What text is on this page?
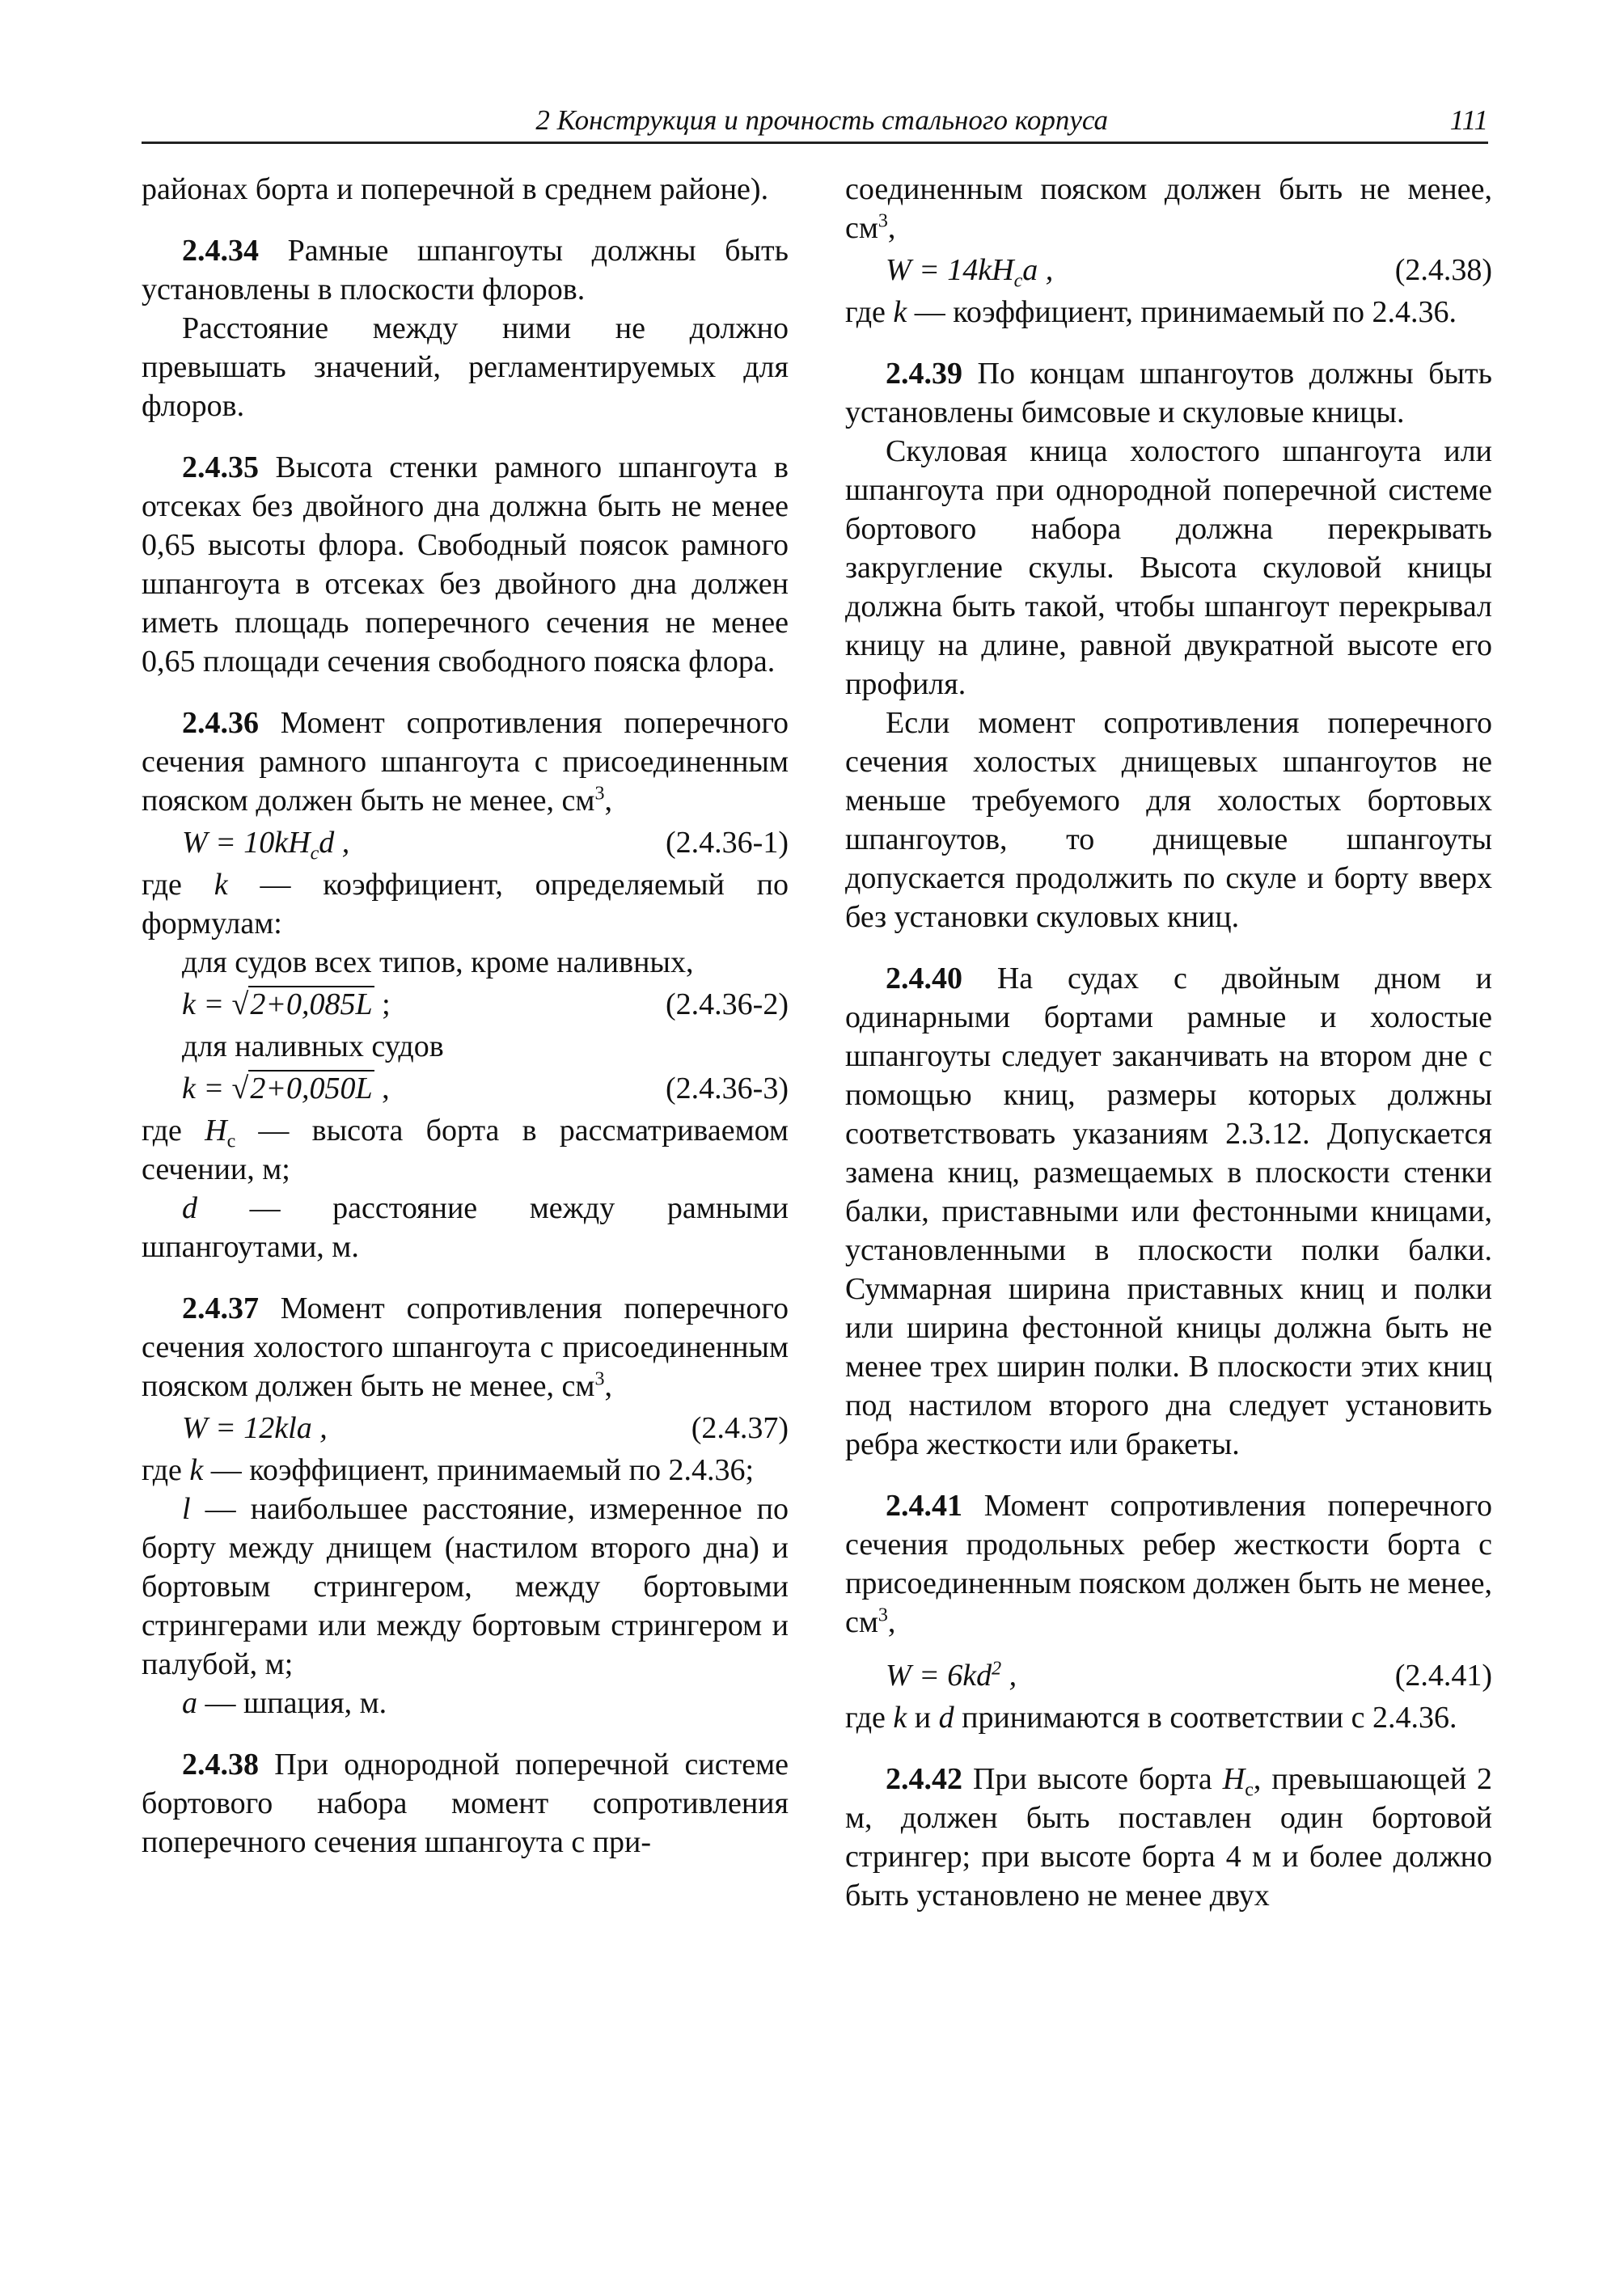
2 Конструкция и прочность стального корпуса	111

районах борта и поперечной в среднем районе).

2.4.34 Рамные шпангоуты должны быть установлены в плоскости флоров.

Расстояние между ними не должно превышать значений, регламентируемых для флоров.

2.4.35 Высота стенки рамного шпангоута в отсеках без двойного дна должна быть не менее 0,65 высоты флора. Свободный поясок рамного шпангоута в отсеках без двойного дна должен иметь площадь поперечного сечения не менее 0,65 площади сечения свободного пояска флора.

2.4.36 Момент сопротивления поперечного сечения рамного шпангоута с присоединенным пояском должен быть не менее, $см^3$,

$W = 10kH_cd$ ,	(2.4.36-1)

где k — коэффициент, определяемый по формулам:

для судов всех типов, кроме наливных,

k = √2+0,085L ;	(2.4.36-2)

для наливных судов

k = √2+0,050L ,	(2.4.36-3)

где $H_с$ — высота борта в рассматриваемом сечении, м;

d — расстояние между рамными шпангоутами, м.

2.4.37 Момент сопротивления поперечного сечения холостого шпангоута с присоединенным пояском должен быть не менее, $см^3$,

W = 12kla ,	(2.4.37)

где k — коэффициент, принимаемый по 2.4.36;

l — наибольшее расстояние, измеренное по борту между днищем (настилом второго дна) и бортовым стрингером, между бортовыми стрингерами или между бортовым стрингером и палубой, м;

a — шпация, м.

2.4.38 При однородной поперечной системе бортового набора момент сопротивления поперечного сечения шпангоута с при-

соединенным пояском должен быть не менее, $см^3$,

$W = 14kH_ca$ ,	(2.4.38)

где k — коэффициент, принимаемый по 2.4.36.

2.4.39 По концам шпангоутов должны быть установлены бимсовые и скуловые кницы.

Скуловая кница холостого шпангоута или шпангоута при однородной поперечной системе бортового набора должна перекрывать закругление скулы. Высота скуловой кницы должна быть такой, чтобы шпангоут перекрывал кницу на длине, равной двукратной высоте его профиля.

Если момент сопротивления поперечного сечения холостых днищевых шпангоутов не меньше требуемого для холостых бортовых шпангоутов, то днищевые шпангоуты допускается продолжить по скуле и борту вверх без установки скуловых книц.

2.4.40 На судах с двойным дном и одинарными бортами рамные и холостые шпангоуты следует заканчивать на втором дне с помощью книц, размеры которых должны соответствовать указаниям 2.3.12. Допускается замена книц, размещаемых в плоскости стенки балки, приставными или фестонными кницами, установленными в плоскости полки балки. Суммарная ширина приставных книц и полки или ширина фестонной кницы должна быть не менее трех ширин полки. В плоскости этих книц под настилом второго дна следует установить ребра жесткости или бракеты.

2.4.41 Момент сопротивления поперечного сечения продольных ребер жесткости борта с присоединенным пояском должен быть не менее, $см^3$,

$W = 6kd^2$ ,	(2.4.41)

где k и d принимаются в соответствии с 2.4.36.

2.4.42 При высоте борта $H_с$, превышающей 2 м, должен быть поставлен один бортовой стрингер; при высоте борта 4 м и более должно быть установлено не менее двух
